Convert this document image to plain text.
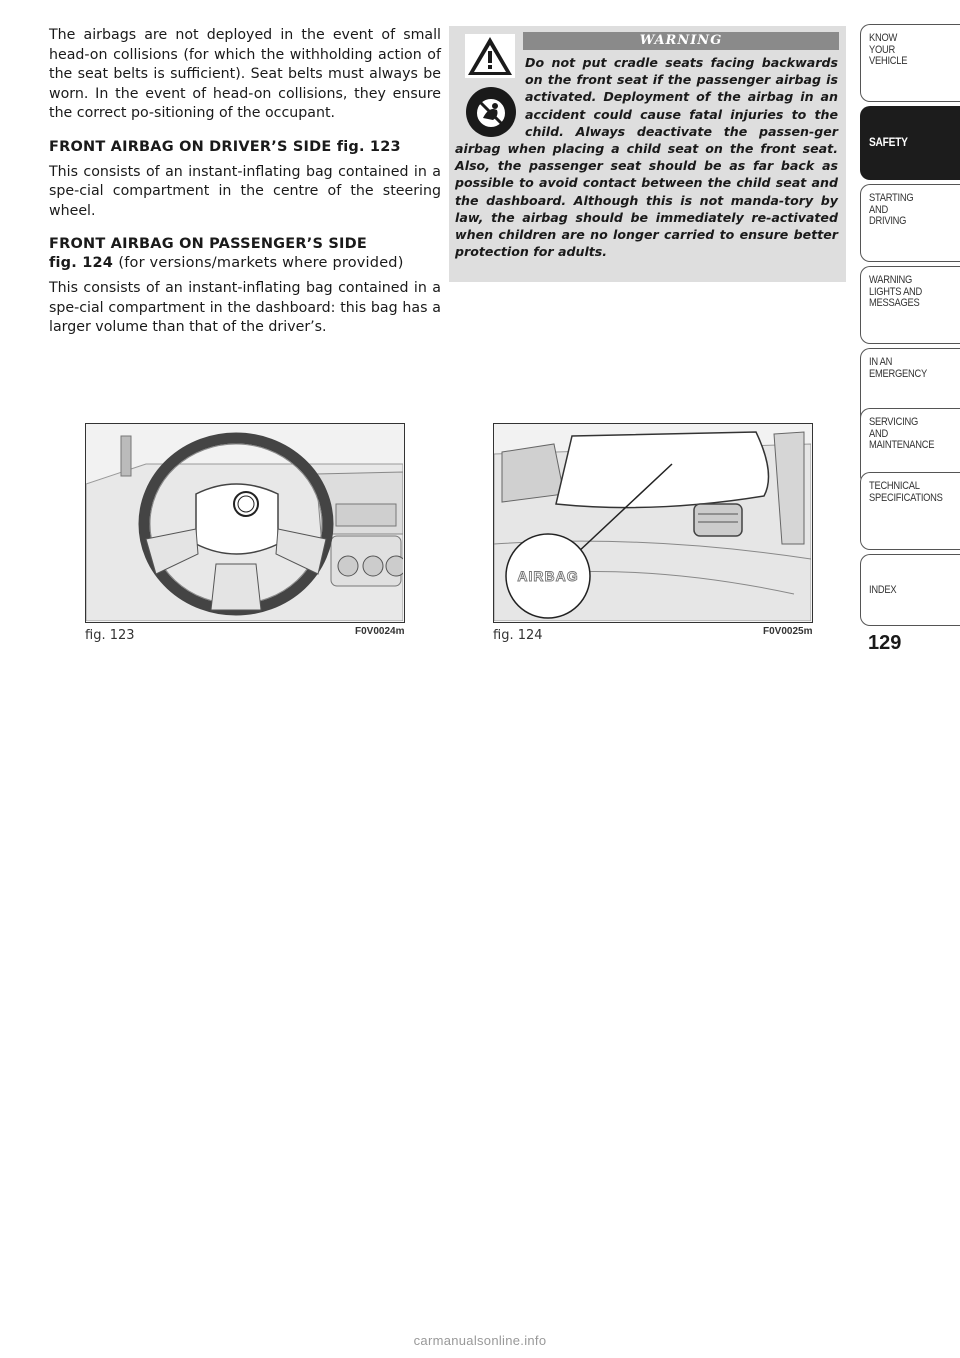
The airbags are not deployed in the event of small head-on collisions (for which the withholding action of the seat belts is sufficient). Seat belts must always be worn. In the event of head-on collisions, they ensure the correct po-sitioning of the occupant.

FRONT AIRBAG ON DRIVER’S SIDE fig. 123

This consists of an instant-inflating bag contained in a spe-cial compartment in the centre of the steering wheel.

FRONT AIRBAG ON PASSENGER’S SIDE
fig. 124 (for versions/markets where provided)

This consists of an instant-inflating bag contained in a spe-cial compartment in the dashboard: this bag has a larger volume than that of the driver’s.

WARNING

Do not put cradle seats facing backwards on the front seat if the passenger airbag is activated. Deployment of the airbag in an accident could cause fatal injuries to the child. Always deactivate the passen-ger airbag when placing a child seat on the front seat. Also, the passenger seat should be as far back as possible to avoid contact between the child seat and the dashboard. Although this is not manda-tory by law, the airbag should be immediately re-activated when children are no longer carried to ensure better protection for adults.

KNOW
YOUR
VEHICLE
SAFETY
STARTING
AND
DRIVING
WARNING
LIGHTS AND
MESSAGES
IN AN
EMERGENCY
SERVICING
AND
MAINTENANCE
TECHNICAL
SPECIFICATIONS
INDEX
129
fig. 123	F0V0024m
AIRBAG
fig. 124	F0V0025m
carmanualsonline.info
